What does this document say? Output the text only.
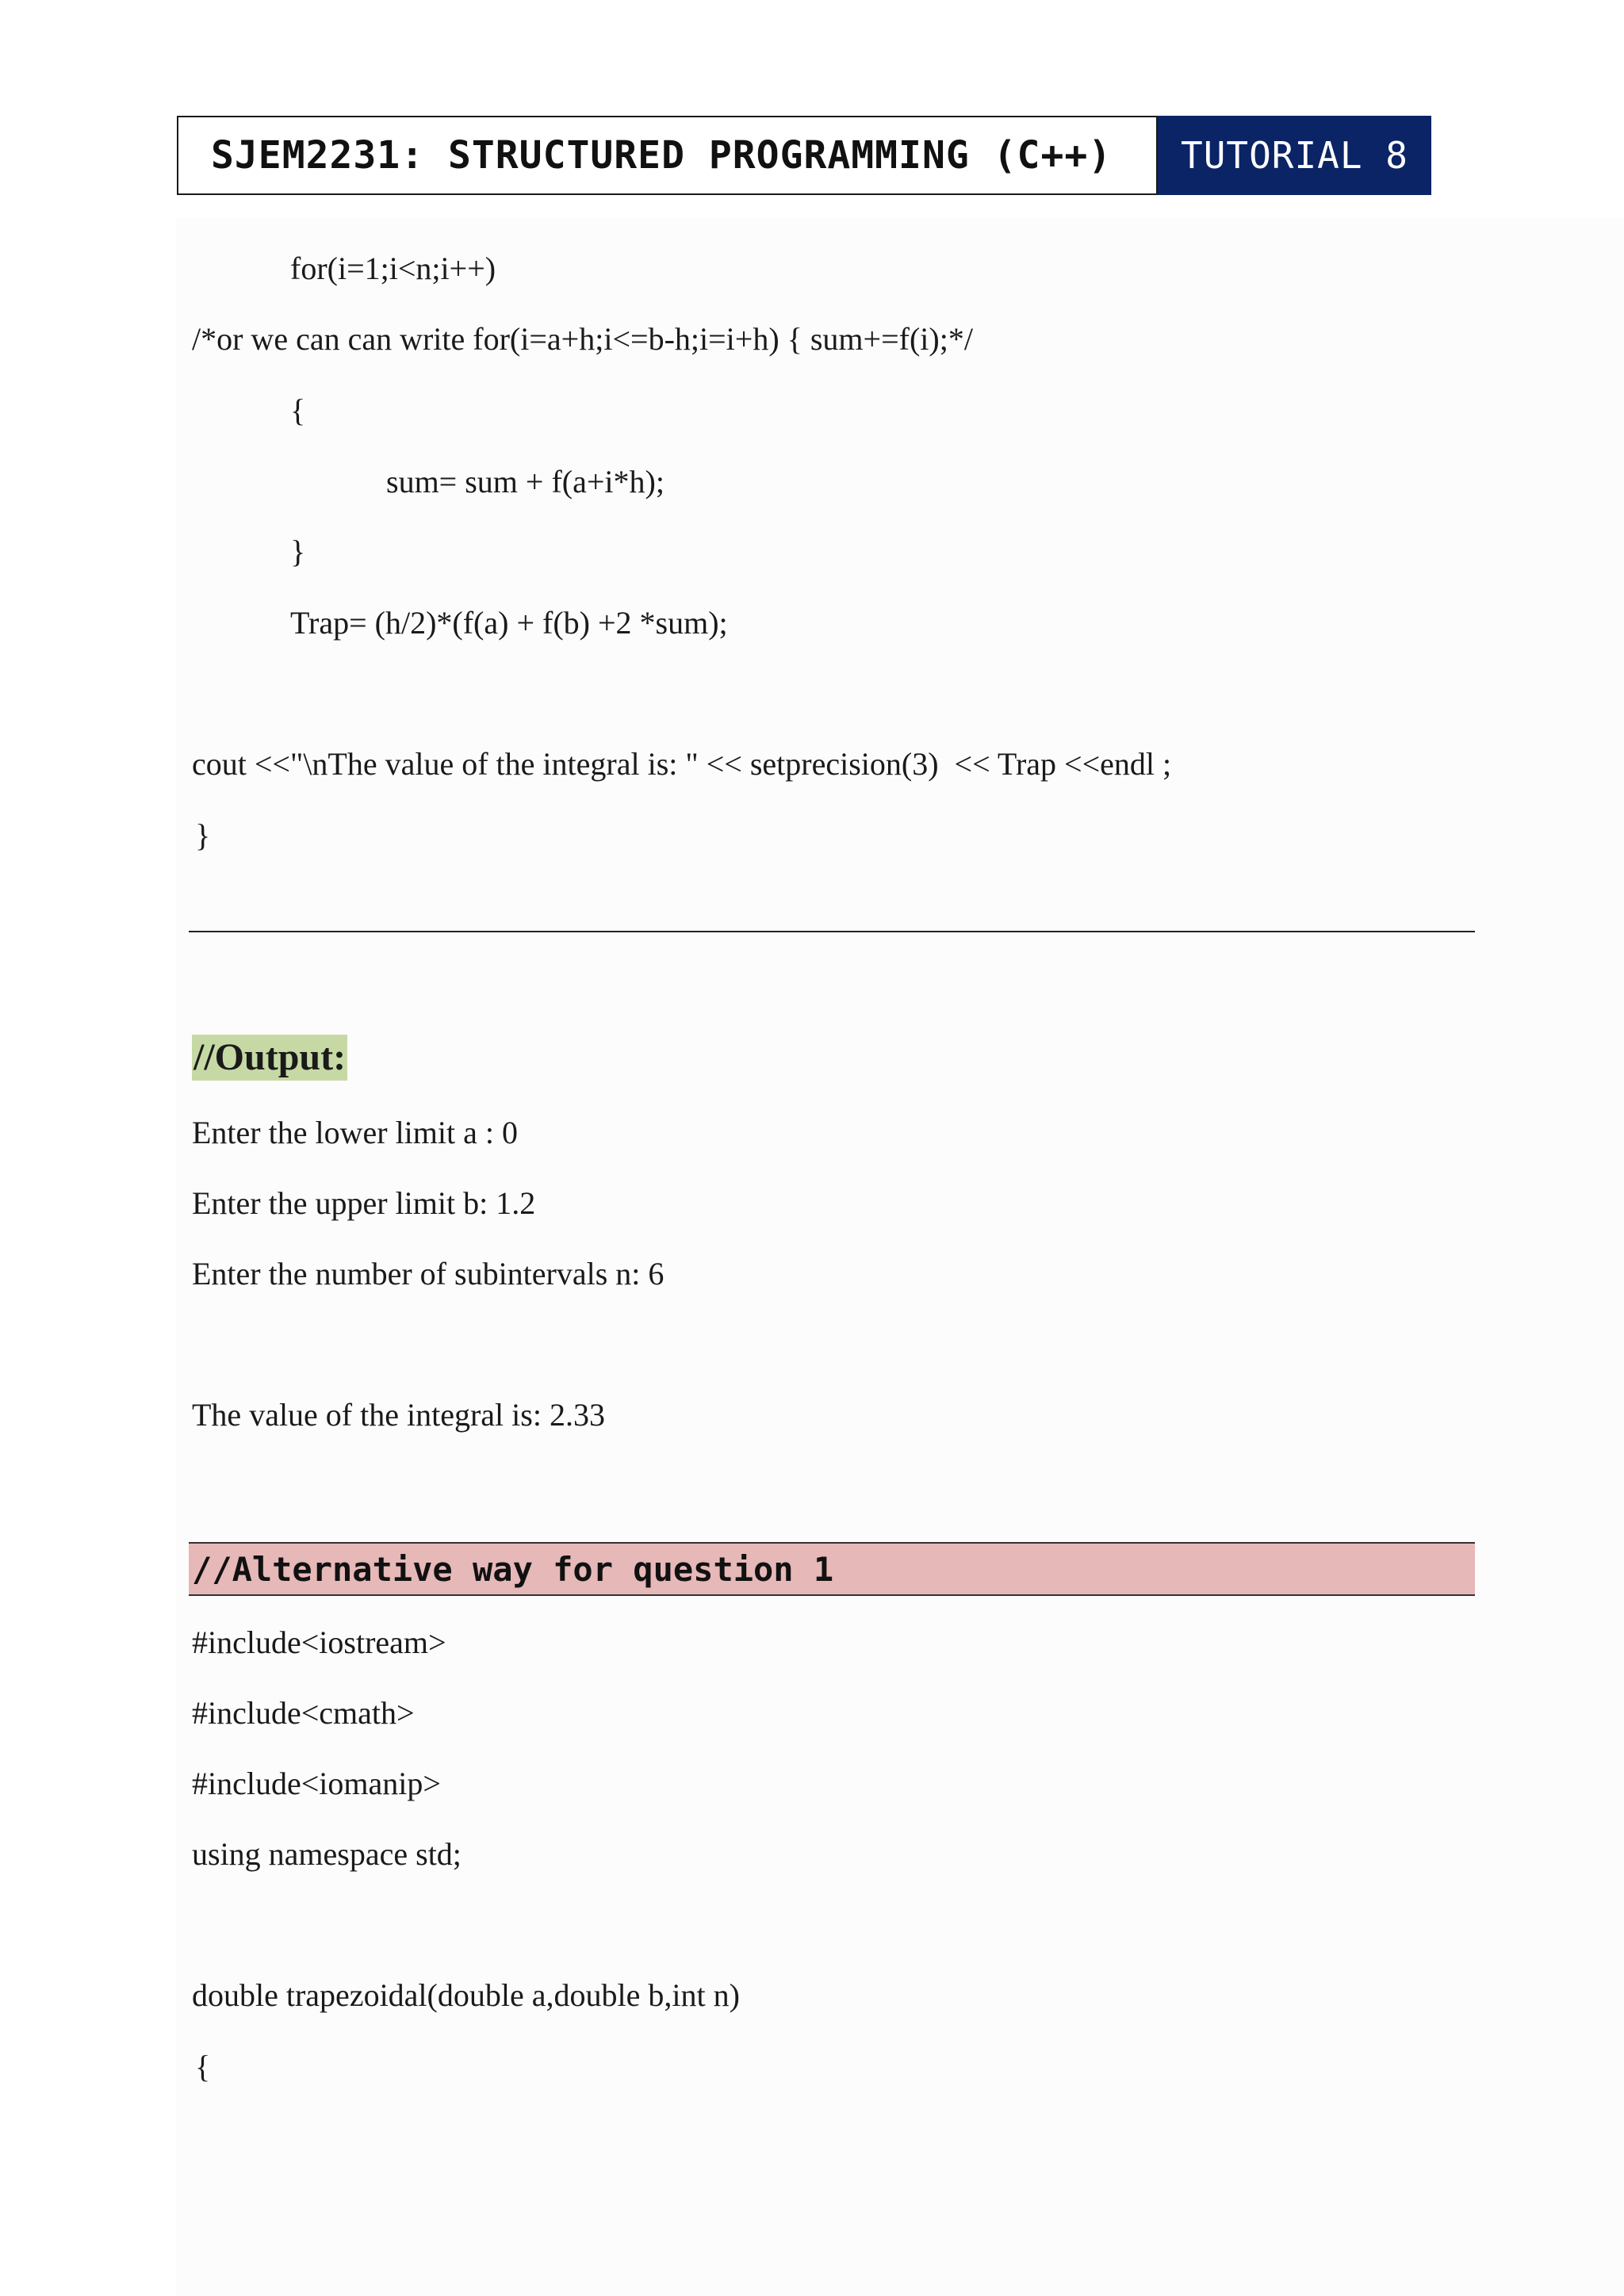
SJEM2231: STRUCTURED PROGRAMMING (C++)	TUTORIAL 8
for(i=1;i<n;i++)
/*or we can can write for(i=a+h;i<=b-h;i=i+h) { sum+=f(i);*/
{
sum= sum + f(a+i*h);
}
Trap= (h/2)*(f(a) + f(b) +2 *sum);
cout <<"\nThe value of the integral is: " << setprecision(3)  << Trap <<endl ;
}
//Output:
Enter the lower limit a : 0
Enter the upper limit b: 1.2
Enter the number of subintervals n: 6
The value of the integral is: 2.33
//Alternative way for question 1
#include<iostream>
#include<cmath>
#include<iomanip>
using namespace std;
double trapezoidal(double a,double b,int n)
{
